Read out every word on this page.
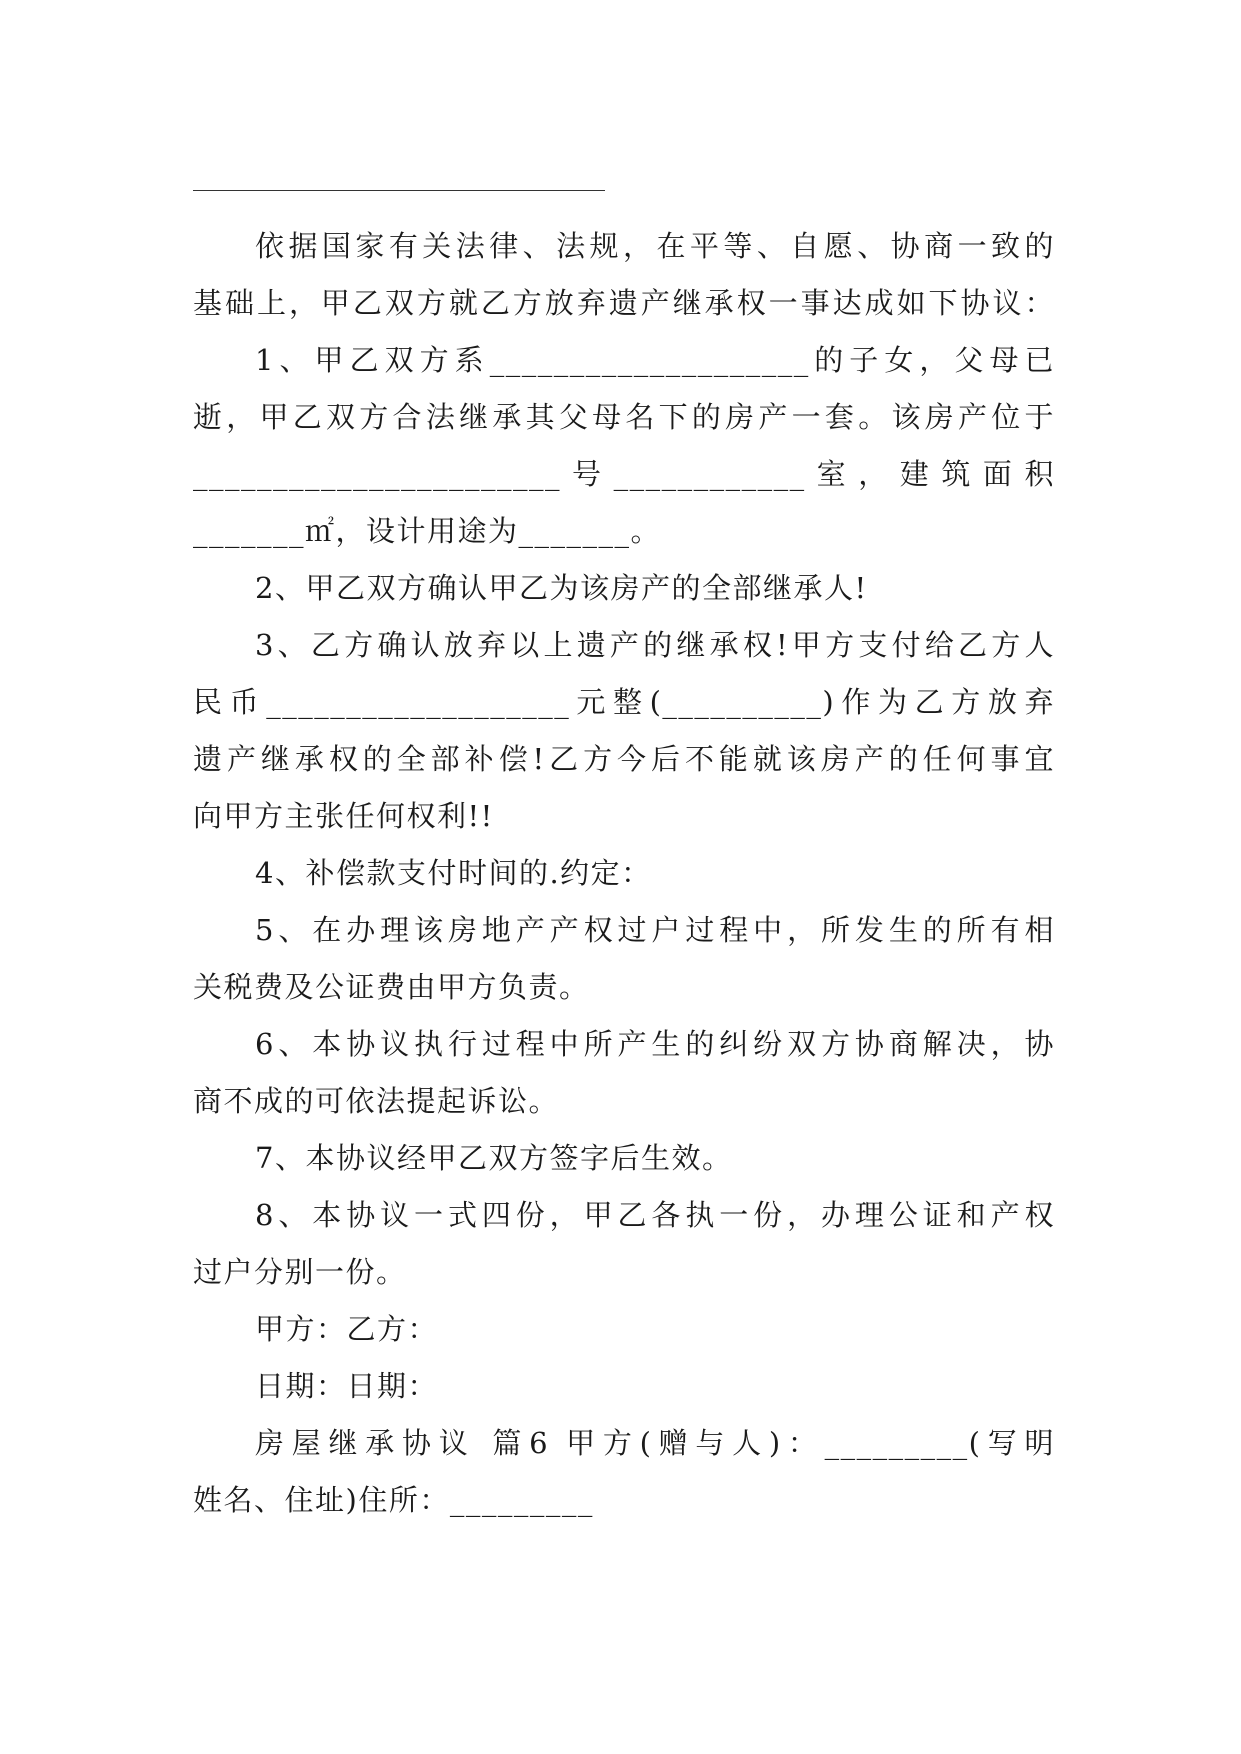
依据国家有关法律、法规，在平等、自愿、协商一致的
基础上，甲乙双方就乙方放弃遗产继承权一事达成如下协议：
1、甲乙双方系____________________的子女，父母已
逝，甲乙双方合法继承其父母名下的房产一套。该房产位于
_______________________号____________室，建筑面积
_______㎡，设计用途为_______。
2、甲乙双方确认甲乙为该房产的全部继承人!
3、乙方确认放弃以上遗产的继承权!甲方支付给乙方人
民币___________________元整(__________)作为乙方放弃
遗产继承权的全部补偿!乙方今后不能就该房产的任何事宜
向甲方主张任何权利!!
4、补偿款支付时间的.约定：
5、在办理该房地产产权过户过程中，所发生的所有相
关税费及公证费由甲方负责。
6、本协议执行过程中所产生的纠纷双方协商解决，协
商不成的可依法提起诉讼。
7、本协议经甲乙双方签字后生效。
8、本协议一式四份，甲乙各执一份，办理公证和产权
过户分别一份。
甲方：乙方：
日期：日期：
房屋继承协议 篇6 甲方(赠与人)：_________(写明
姓名、住址)住所：_________
